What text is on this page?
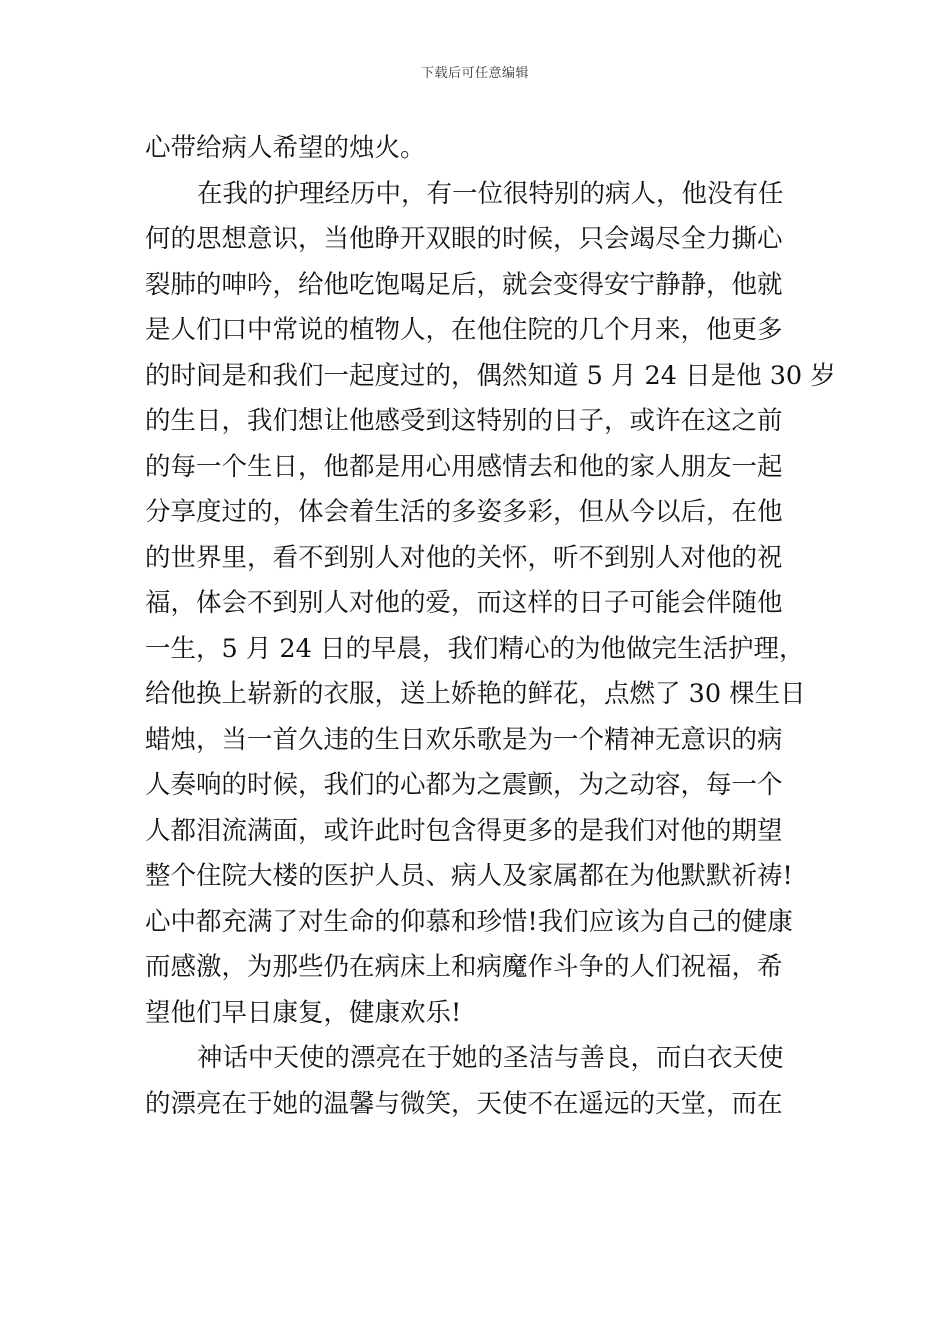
下载后可任意编辑
心带给病人希望的烛火。
在我的护理经历中，有一位很特别的病人，他没有任
何的思想意识，当他睁开双眼的时候，只会竭尽全力撕心
裂肺的呻吟，给他吃饱喝足后，就会变得安宁静静，他就
是人们口中常说的植物人，在他住院的几个月来，他更多
的时间是和我们一起度过的，偶然知道 5 月 24 日是他 30 岁
的生日，我们想让他感受到这特别的日子，或许在这之前
的每一个生日，他都是用心用感情去和他的家人朋友一起
分享度过的，体会着生活的多姿多彩，但从今以后，在他
的世界里，看不到别人对他的关怀，听不到别人对他的祝
福，体会不到别人对他的爱，而这样的日子可能会伴随他
一生，5 月 24 日的早晨，我们精心的为他做完生活护理，
给他换上崭新的衣服，送上娇艳的鲜花，点燃了 30 棵生日
蜡烛，当一首久违的生日欢乐歌是为一个精神无意识的病
人奏响的时候，我们的心都为之震颤，为之动容，每一个
人都泪流满面，或许此时包含得更多的是我们对他的期望
整个住院大楼的医护人员、病人及家属都在为他默默祈祷!
心中都充满了对生命的仰慕和珍惜!我们应该为自己的健康
而感激，为那些仍在病床上和病魔作斗争的人们祝福，希
望他们早日康复，健康欢乐!
神话中天使的漂亮在于她的圣洁与善良，而白衣天使
的漂亮在于她的温馨与微笑，天使不在遥远的天堂，而在
